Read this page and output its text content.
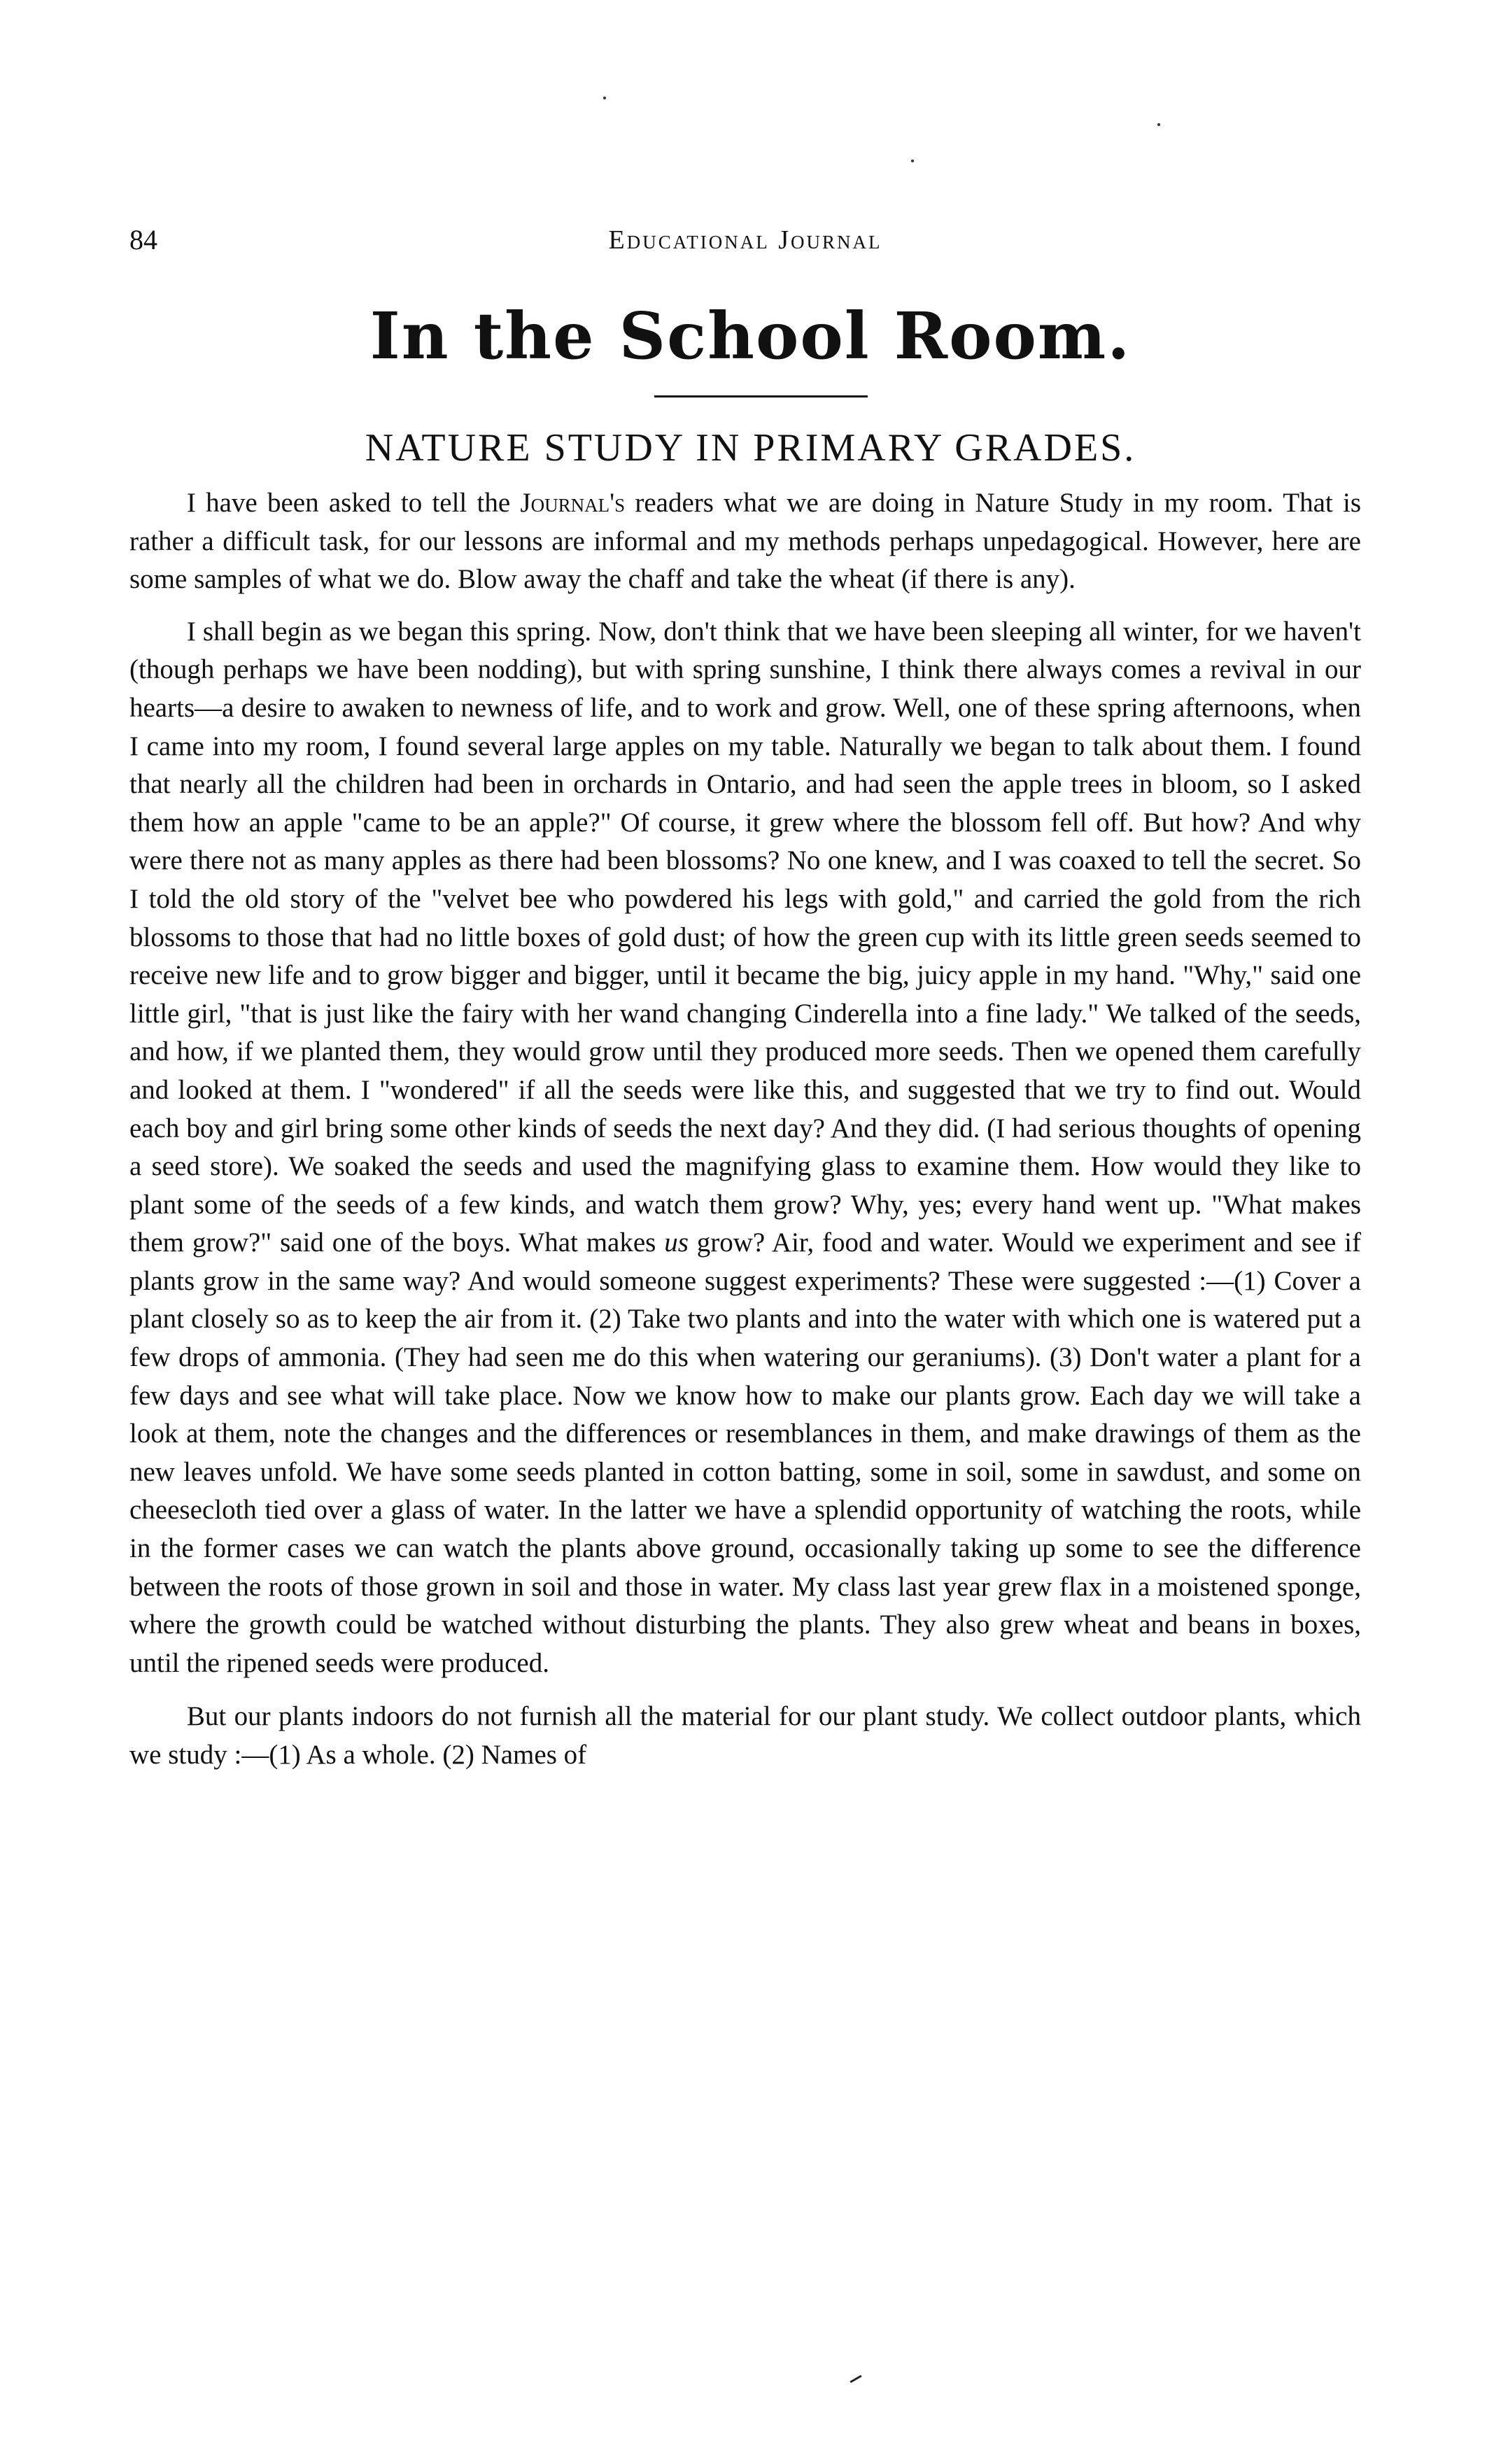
84	Educational Journal
In the School Room.
NATURE STUDY IN PRIMARY GRADES.

I have been asked to tell the Journal's readers what we are doing in Nature Study in my room. That is rather a difficult task, for our lessons are informal and my methods perhaps unpedagogical. However, here are some samples of what we do. Blow away the chaff and take the wheat (if there is any).

I shall begin as we began this spring. Now, don't think that we have been sleeping all winter, for we haven't (though perhaps we have been nodding), but with spring sunshine, I think there always comes a revival in our hearts—a desire to awaken to newness of life, and to work and grow. Well, one of these spring afternoons, when I came into my room, I found several large apples on my table. Naturally we began to talk about them. I found that nearly all the children had been in orchards in Ontario, and had seen the apple trees in bloom, so I asked them how an apple "came to be an apple?" Of course, it grew where the blossom fell off. But how? And why were there not as many apples as there had been blossoms? No one knew, and I was coaxed to tell the secret. So I told the old story of the "velvet bee who powdered his legs with gold," and carried the gold from the rich blossoms to those that had no little boxes of gold dust; of how the green cup with its little green seeds seemed to receive new life and to grow bigger and bigger, until it became the big, juicy apple in my hand. "Why," said one little girl, "that is just like the fairy with her wand changing Cinderella into a fine lady." We talked of the seeds, and how, if we planted them, they would grow until they produced more seeds. Then we opened them carefully and looked at them. I "wondered" if all the seeds were like this, and suggested that we try to find out. Would each boy and girl bring some other kinds of seeds the next day? And they did. (I had serious thoughts of opening a seed store). We soaked the seeds and used the magnifying glass to examine them. How would they like to plant some of the seeds of a few kinds, and watch them grow? Why, yes; every hand went up. "What makes them grow?" said one of the boys. What makes us grow? Air, food and water. Would we experiment and see if plants grow in the same way? And would someone suggest experiments? These were suggested :—(1) Cover a plant closely so as to keep the air from it. (2) Take two plants and into the water with which one is watered put a few drops of ammonia. (They had seen me do this when watering our geraniums). (3) Don't water a plant for a few days and see what will take place. Now we know how to make our plants grow. Each day we will take a look at them, note the changes and the differences or resemblances in them, and make drawings of them as the new leaves unfold. We have some seeds planted in cotton batting, some in soil, some in sawdust, and some on cheesecloth tied over a glass of water. In the latter we have a splendid opportunity of watching the roots, while in the former cases we can watch the plants above ground, occasionally taking up some to see the difference between the roots of those grown in soil and those in water. My class last year grew flax in a moistened sponge, where the growth could be watched without disturbing the plants. They also grew wheat and beans in boxes, until the ripened seeds were produced.

But our plants indoors do not furnish all the material for our plant study. We collect outdoor plants, which we study :—(1) As a whole. (2) Names of
